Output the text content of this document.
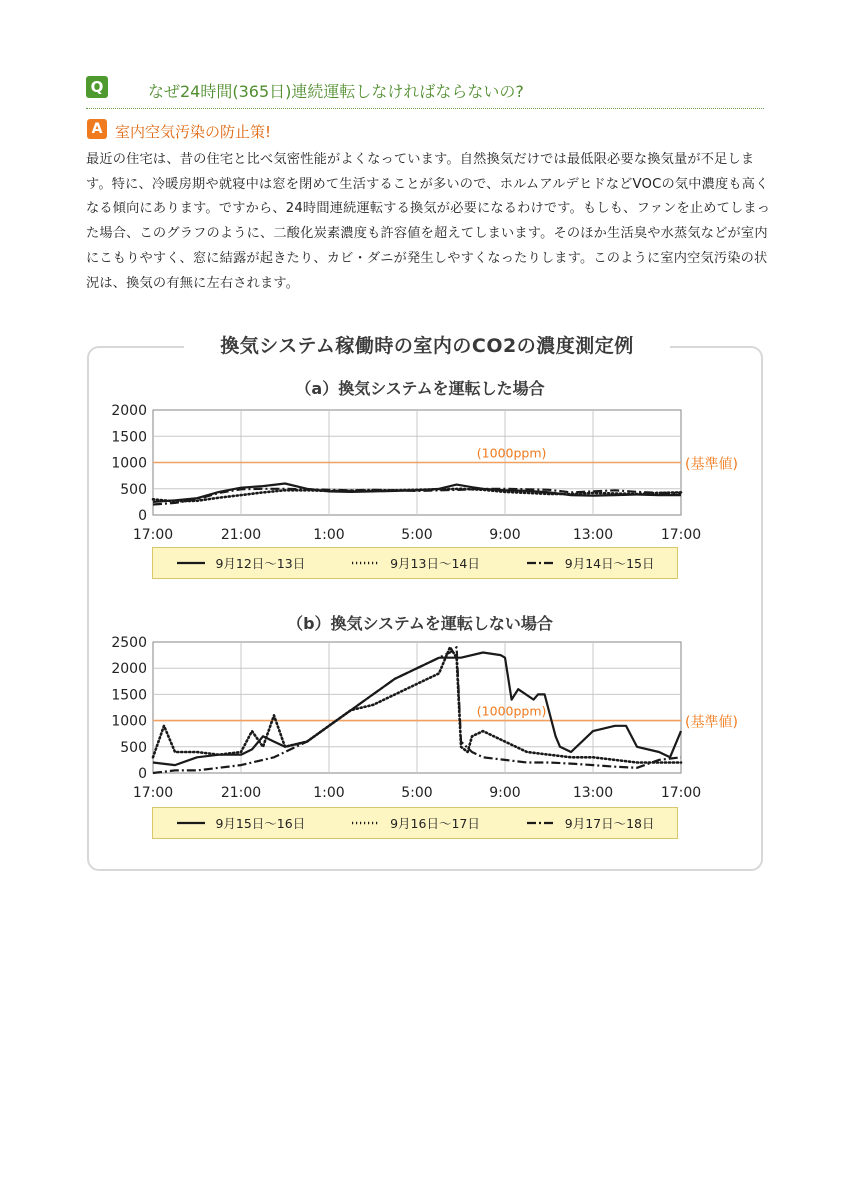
Q	なぜ24時間(365日)連続運転しなければならないの?
A 室内空気汚染の防止策!

最近の住宅は、昔の住宅と比べ気密性能がよくなっています。自然換気だけでは最低限必要な換気量が不足します。特に、冷暖房期や就寝中は窓を閉めて生活することが多いので、ホルムアルデヒドなどVOCの気中濃度も高くなる傾向にあります。ですから、24時間連続運転する換気が必要になるわけです。もしも、ファンを止めてしまった場合、このグラフのように、二酸化炭素濃度も許容値を超えてしまいます。そのほか生活臭や水蒸気などが室内にこもりやすく、窓に結露が起きたり、カビ・ダニが発生しやすくなったりします。このように室内空気汚染の状況は、換気の有無に左右されます。

換気システム稼働時の室内のCO2の濃度測定例
（a）換気システムを運転した場合
0
500
1000
1500
2000
17:00	21:00	1:00	5:00	9:00	13:00	17:00
(1000ppm)
(基準値)
9月12日〜13日	9月13日〜14日	9月14日〜15日
（b）換気システムを運転しない場合
0
500
1000
1500
2000
2500
17:00	21:00	1:00	5:00	9:00	13:00	17:00
(1000ppm)
(基準値)
9月15日〜16日	9月16日〜17日	9月17日〜18日
